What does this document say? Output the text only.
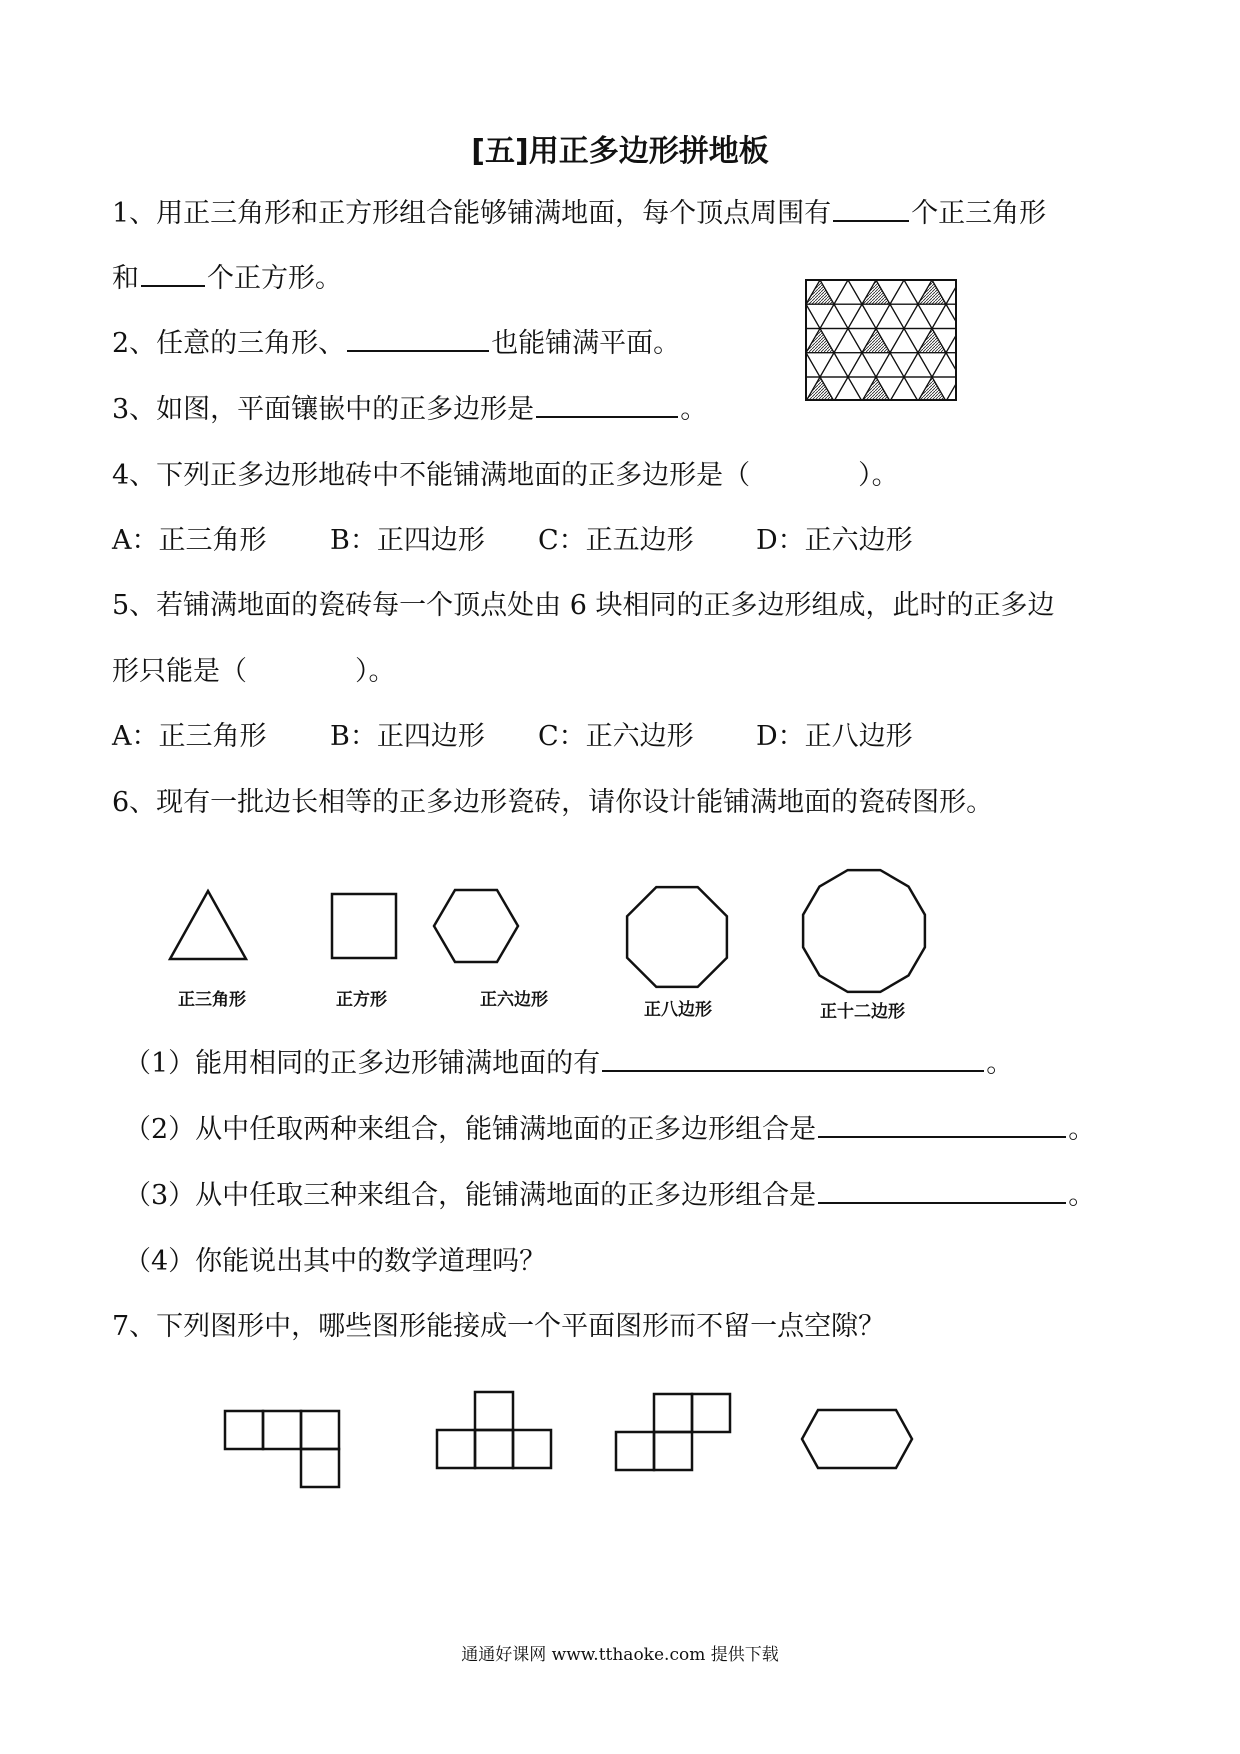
[五]用正多边形拼地板
1、用正三角形和正方形组合能够铺满地面，每个顶点周围有	个正三角形
和	个正方形。
2、任意的三角形、	也能铺满平面。
3、如图，平面镶嵌中的正多边形是	。
4、下列正多边形地砖中不能铺满地面的正多边形是（　　　　）。
A：正三角形 B：正四边形 C：正五边形 D：正六边形
5、若铺满地面的瓷砖每一个顶点处由 6 块相同的正多边形组成，此时的正多边
形只能是（　　　　）。
A：正三角形 B：正四边形 C：正六边形 D：正八边形
6、现有一批边长相等的正多边形瓷砖，请你设计能铺满地面的瓷砖图形。
正三角形	正方形	正六边形	正八边形	正十二边形
（1）能用相同的正多边形铺满地面的有	。
（2）从中任取两种来组合，能铺满地面的正多边形组合是	。
（3）从中任取三种来组合，能铺满地面的正多边形组合是	。
（4）你能说出其中的数学道理吗？
7、下列图形中，哪些图形能接成一个平面图形而不留一点空隙？
通通好课网 www.tthaoke.com 提供下载
